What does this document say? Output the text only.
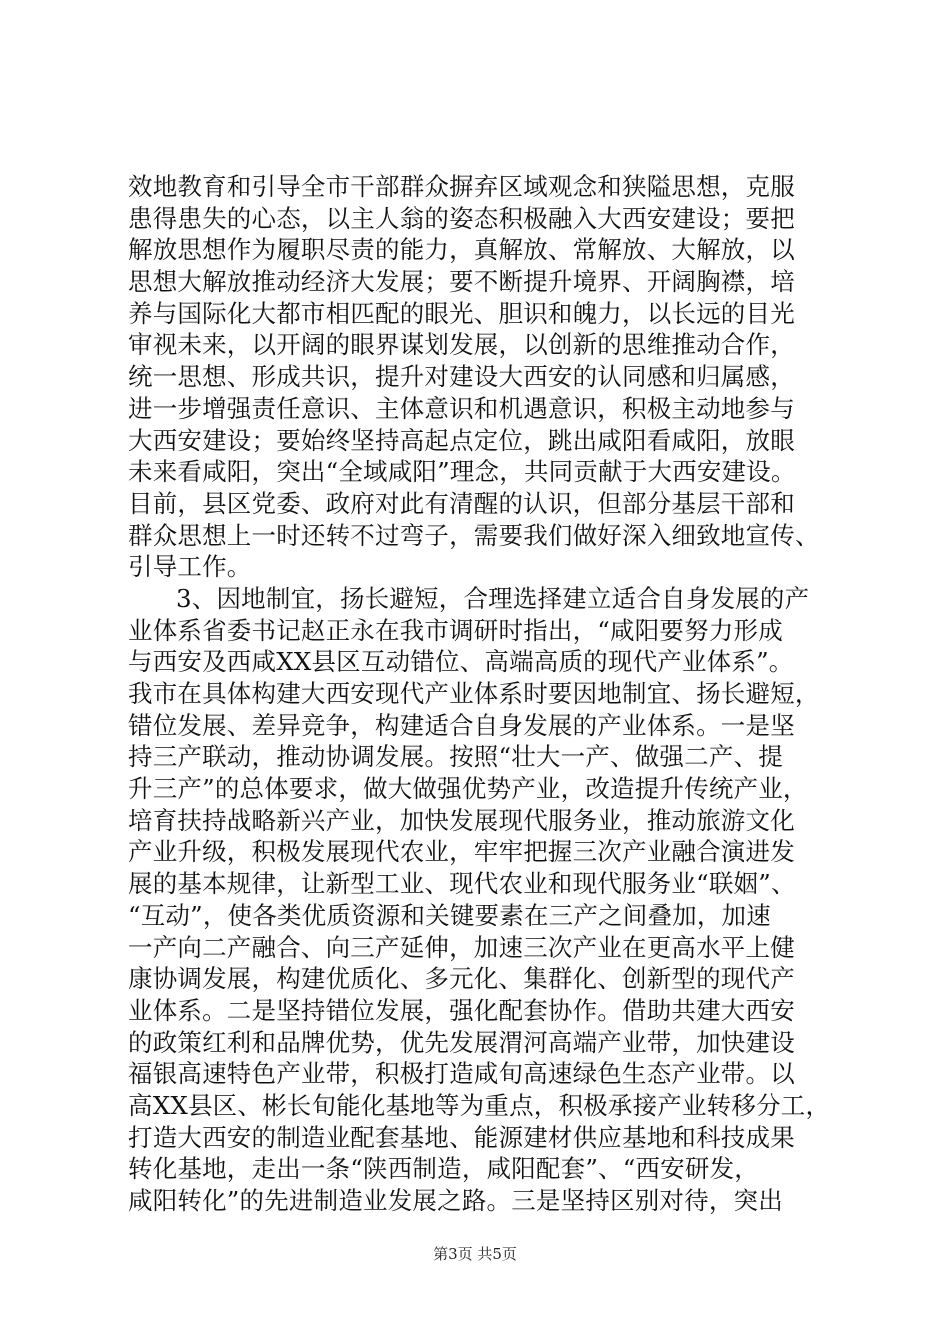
效地教育和引导全市干部群众摒弃区域观念和狭隘思想，克服
患得患失的心态，以主人翁的姿态积极融入大西安建设；要把
解放思想作为履职尽责的能力，真解放、常解放、大解放，以
思想大解放推动经济大发展；要不断提升境界、开阔胸襟，培
养与国际化大都市相匹配的眼光、胆识和魄力，以长远的目光
审视未来，以开阔的眼界谋划发展，以创新的思维推动合作，
统一思想、形成共识，提升对建设大西安的认同感和归属感，
进一步增强责任意识、主体意识和机遇意识，积极主动地参与
大西安建设；要始终坚持高起点定位，跳出咸阳看咸阳，放眼
未来看咸阳，突出“全域咸阳”理念，共同贡献于大西安建设。
目前，县区党委、政府对此有清醒的认识，但部分基层干部和
群众思想上一时还转不过弯子，需要我们做好深入细致地宣传、
引导工作。
3、因地制宜，扬长避短，合理选择建立适合自身发展的产
业体系省委书记赵正永在我市调研时指出，“咸阳要努力形成
与西安及西咸XX县区互动错位、高端高质的现代产业体系”。
我市在具体构建大西安现代产业体系时要因地制宜、扬长避短，
错位发展、差异竞争，构建适合自身发展的产业体系。一是坚
持三产联动，推动协调发展。按照“壮大一产、做强二产、提
升三产”的总体要求，做大做强优势产业，改造提升传统产业，
培育扶持战略新兴产业，加快发展现代服务业，推动旅游文化
产业升级，积极发展现代农业，牢牢把握三次产业融合演进发
展的基本规律，让新型工业、现代农业和现代服务业“联姻”、
“互动”，使各类优质资源和关键要素在三产之间叠加，加速
一产向二产融合、向三产延伸，加速三次产业在更高水平上健
康协调发展，构建优质化、多元化、集群化、创新型的现代产
业体系。二是坚持错位发展，强化配套协作。借助共建大西安
的政策红利和品牌优势，优先发展渭河高端产业带，加快建设
福银高速特色产业带，积极打造咸旬高速绿色生态产业带。以
高XX县区、彬长旬能化基地等为重点，积极承接产业转移分工，
打造大西安的制造业配套基地、能源建材供应基地和科技成果
转化基地，走出一条“陕西制造，咸阳配套”、“西安研发，
咸阳转化”的先进制造业发展之路。三是坚持区别对待，突出
第3页 共5页
